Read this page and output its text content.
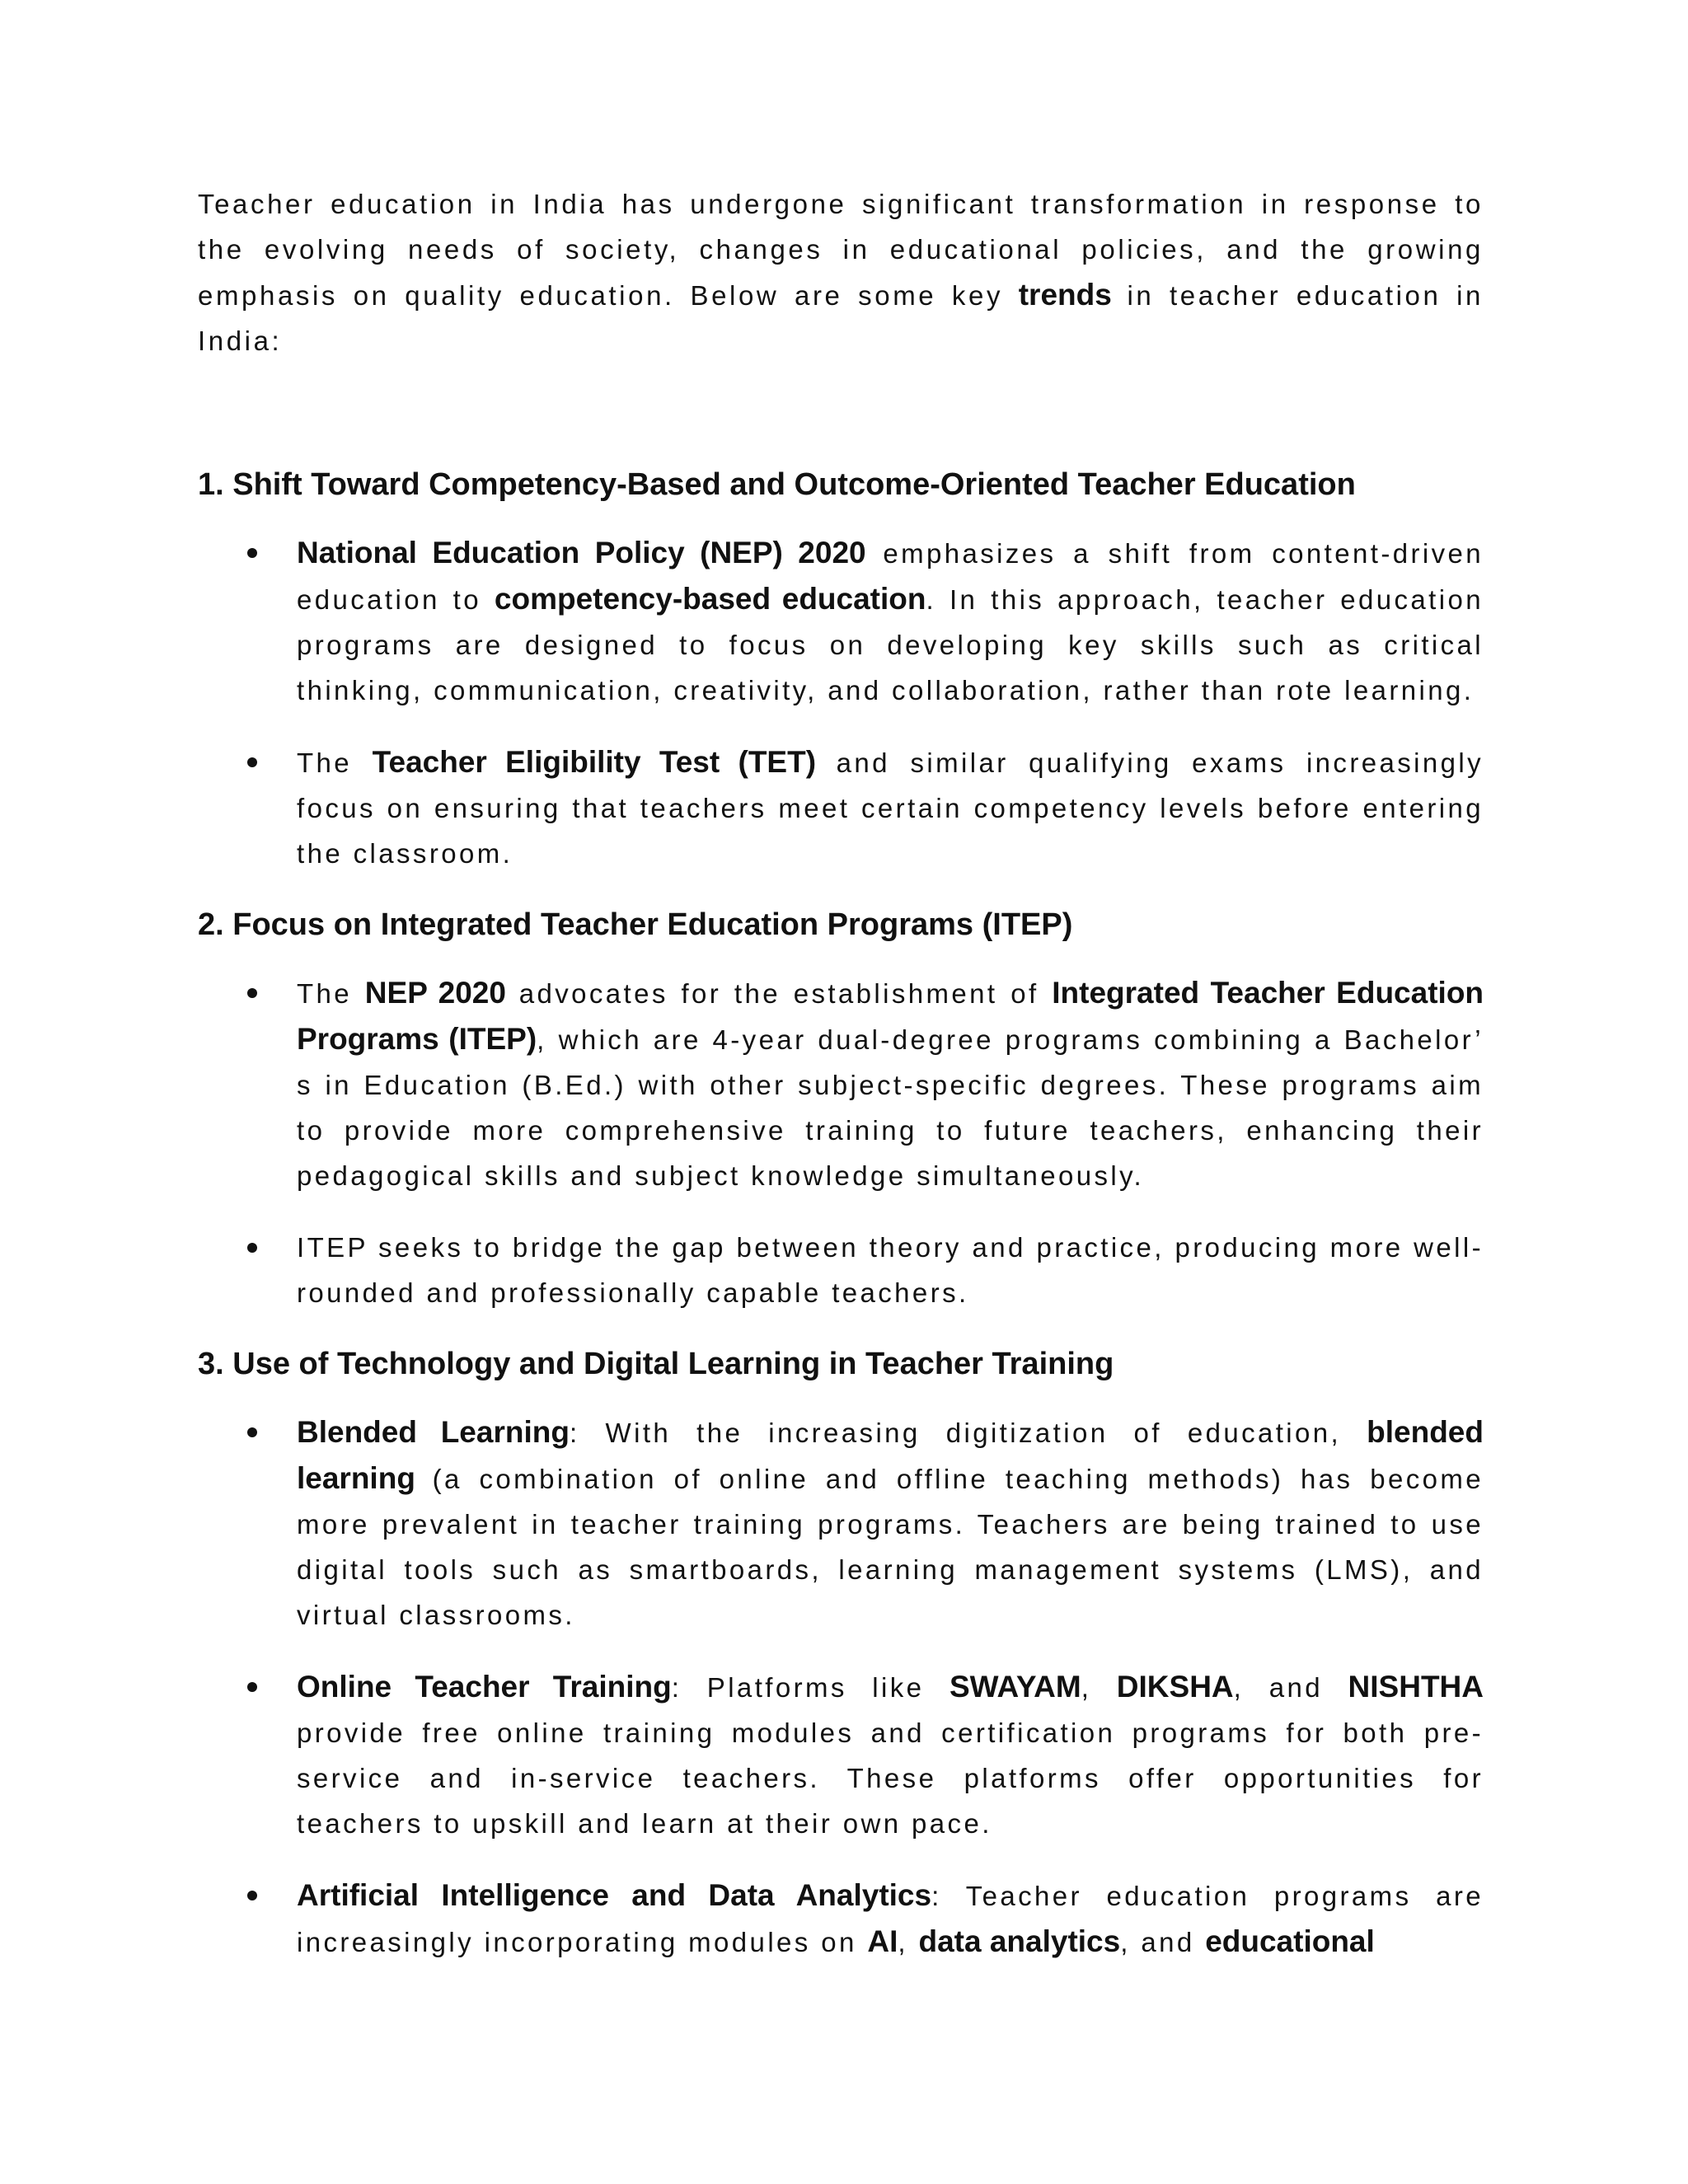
Teacher education in India has undergone significant transformation in response to the evolving needs of society, changes in educational policies, and the growing emphasis on quality education. Below are some key trends in teacher education in India:

1. Shift Toward Competency-Based and Outcome-Oriented Teacher Education
National Education Policy (NEP) 2020 emphasizes a shift from content-driven education to competency-based education. In this approach, teacher education programs are designed to focus on developing key skills such as critical thinking, communication, creativity, and collaboration, rather than rote learning.
The Teacher Eligibility Test (TET) and similar qualifying exams increasingly focus on ensuring that teachers meet certain competency levels before entering the classroom.
2. Focus on Integrated Teacher Education Programs (ITEP)
The NEP 2020 advocates for the establishment of Integrated Teacher Education Programs (ITEP), which are 4-year dual-degree programs combining a Bachelor’ s in Education (B.Ed.) with other subject-specific degrees. These programs aim to provide more comprehensive training to future teachers, enhancing their pedagogical skills and subject knowledge simultaneously.
ITEP seeks to bridge the gap between theory and practice, producing more well-rounded and professionally capable teachers.
3. Use of Technology and Digital Learning in Teacher Training
Blended Learning: With the increasing digitization of education, blended learning (a combination of online and offline teaching methods) has become more prevalent in teacher training programs. Teachers are being trained to use digital tools such as smartboards, learning management systems (LMS), and virtual classrooms.
Online Teacher Training: Platforms like SWAYAM, DIKSHA, and NISHTHA provide free online training modules and certification programs for both pre-service and in-service teachers. These platforms offer opportunities for teachers to upskill and learn at their own pace.
Artificial Intelligence and Data Analytics: Teacher education programs are increasingly incorporating modules on AI, data analytics, and educational
